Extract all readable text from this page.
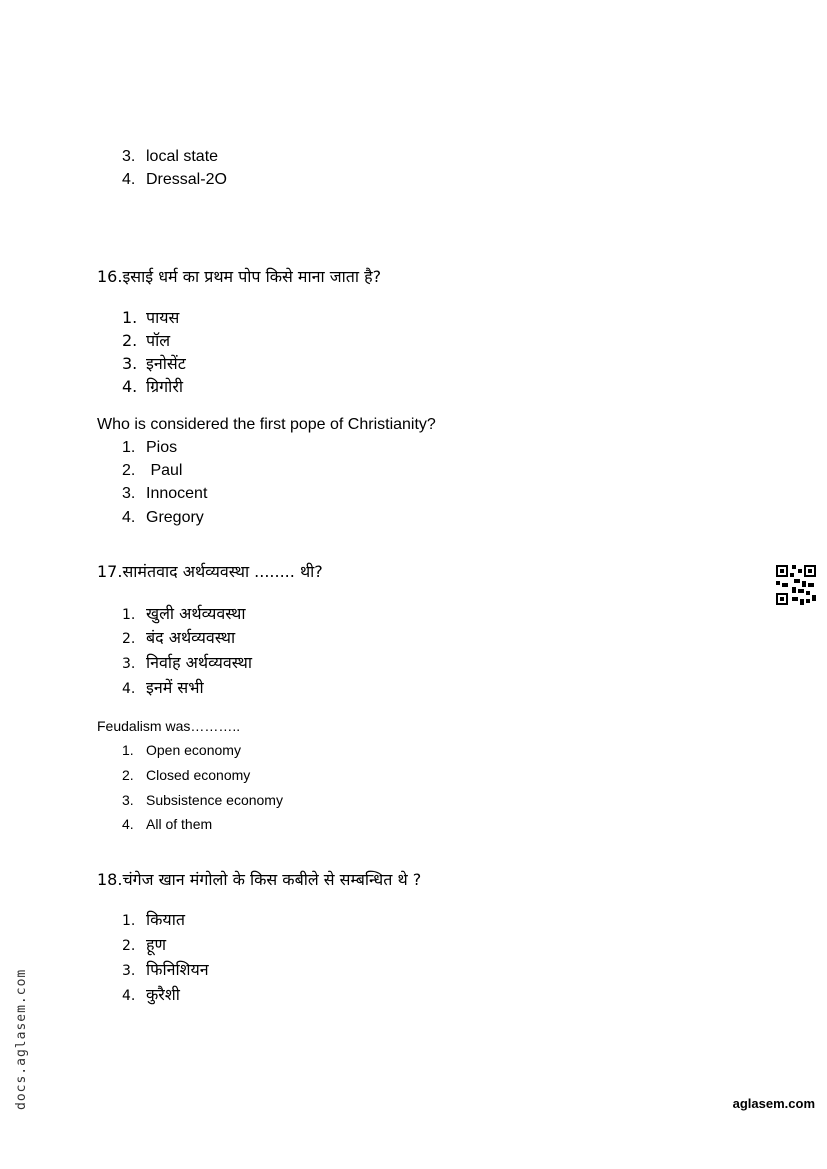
3. local state
4. Dressal-2O
16.इसाई धर्म का प्रथम पोप किसे माना जाता है?
1. पायस
2. पॉल
3. इनोसेंट
4. ग्रिगोरी
Who is considered the first pope of Christianity?
1. Pios
2. Paul
3. Innocent
4. Gregory
17.सामंतवाद अर्थव्यवस्था ........ थी?
1. खुली अर्थव्यवस्था
2. बंद अर्थव्यवस्था
3. निर्वाह अर्थव्यवस्था
4. इनमें सभी
Feudalism was………..
1. Open economy
2. Closed economy
3. Subsistence economy
4. All of them
18.चंगेज खान मंगोलो के किस कबीले से सम्बन्धित थे ?
1. कियात
2. हूण
3. फिनिशियन
4. कुरैशी
docs.aglasem.com	aglasem.com
